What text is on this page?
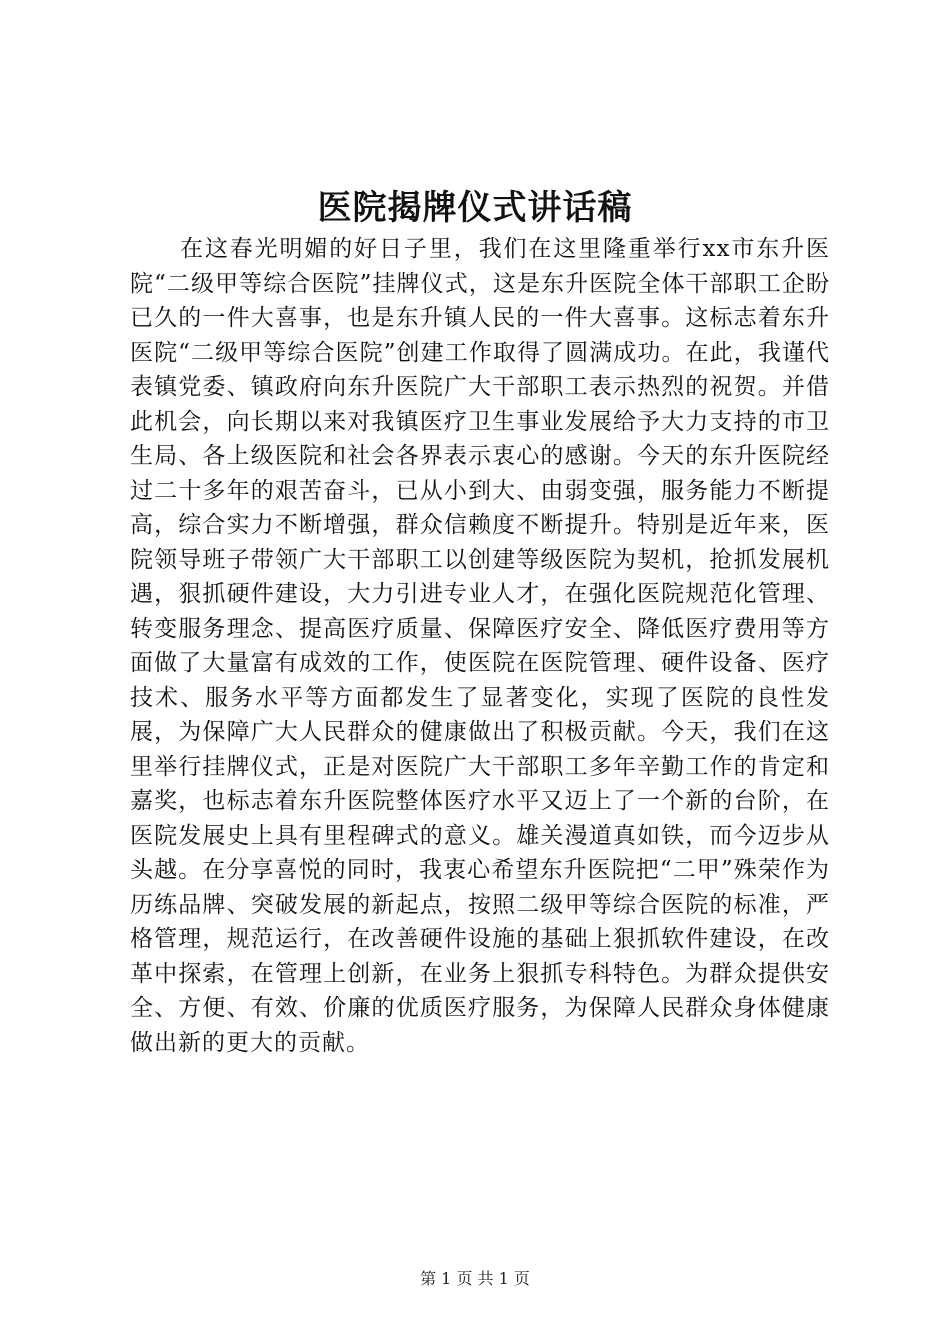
医院揭牌仪式讲话稿

在这春光明媚的好日子里，我们在这里隆重举行xx市东升医院“二级甲等综合医院”挂牌仪式，这是东升医院全体干部职工企盼已久的一件大喜事，也是东升镇人民的一件大喜事。这标志着东升医院“二级甲等综合医院”创建工作取得了圆满成功。在此，我谨代表镇党委、镇政府向东升医院广大干部职工表示热烈的祝贺。并借此机会，向长期以来对我镇医疗卫生事业发展给予大力支持的市卫生局、各上级医院和社会各界表示衷心的感谢。今天的东升医院经过二十多年的艰苦奋斗，已从小到大、由弱变强，服务能力不断提高，综合实力不断增强，群众信赖度不断提升。特别是近年来，医院领导班子带领广大干部职工以创建等级医院为契机，抢抓发展机遇，狠抓硬件建设，大力引进专业人才，在强化医院规范化管理、转变服务理念、提高医疗质量、保障医疗安全、降低医疗费用等方面做了大量富有成效的工作，使医院在医院管理、硬件设备、医疗技术、服务水平等方面都发生了显著变化，实现了医院的良性发展，为保障广大人民群众的健康做出了积极贡献。今天，我们在这里举行挂牌仪式，正是对医院广大干部职工多年辛勤工作的肯定和嘉奖，也标志着东升医院整体医疗水平又迈上了一个新的台阶，在医院发展史上具有里程碑式的意义。雄关漫道真如铁，而今迈步从头越。在分享喜悦的同时，我衷心希望东升医院把“二甲”殊荣作为历练品牌、突破发展的新起点，按照二级甲等综合医院的标准，严格管理，规范运行，在改善硬件设施的基础上狠抓软件建设，在改革中探索，在管理上创新，在业务上狠抓专科特色。为群众提供安全、方便、有效、价廉的优质医疗服务，为保障人民群众身体健康做出新的更大的贡献。

第 1 页 共 1 页
